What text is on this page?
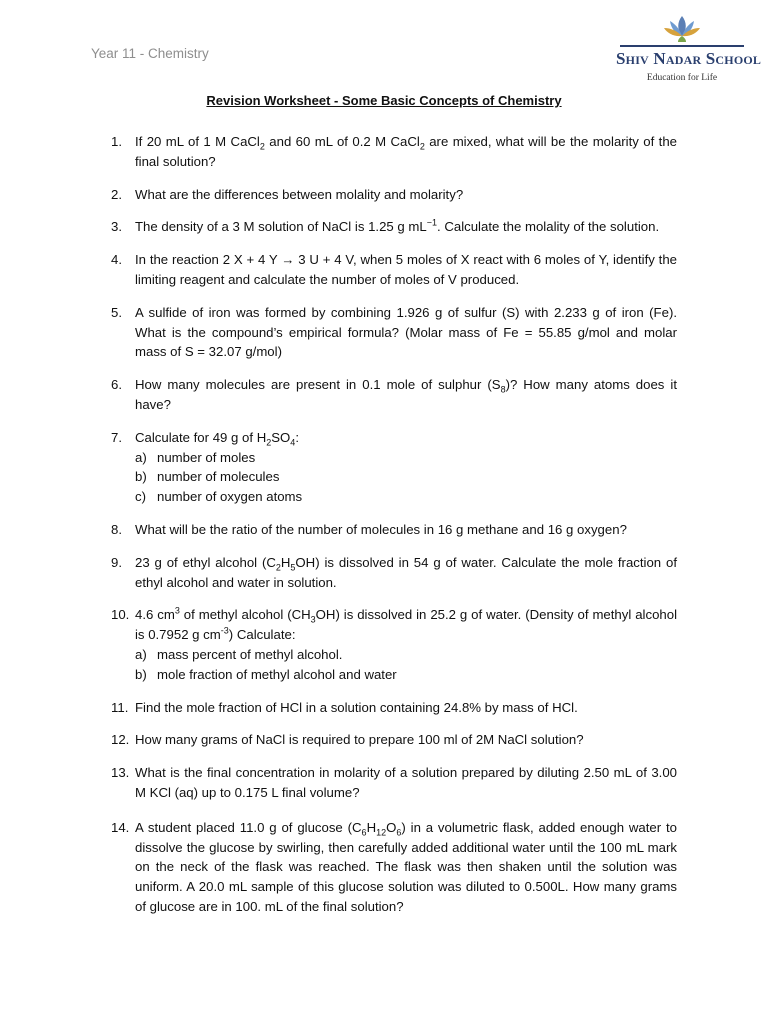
Year 11 - Chemistry	Shiv Nadar School
Education for Life
Revision Worksheet - Some Basic Concepts of Chemistry
1. If 20 mL of 1 M CaCl$_2$ and 60 mL of 0.2 M CaCl$_2$ are mixed, what will be the molarity of the final solution?
2. What are the differences between molality and molarity?
3. The density of a 3 M solution of NaCl is 1.25 g $mL^{-1}$. Calculate the molality of the solution.
4. In the reaction 2 X + 4 Y → 3 U + 4 V, when 5 moles of X react with 6 moles of Y, identify the limiting reagent and calculate the number of moles of V produced.
5. A sulfide of iron was formed by combining 1.926 g of sulfur (S) with 2.233 g of iron (Fe). What is the compound’s empirical formula? (Molar mass of Fe = 55.85 g/mol and molar mass of S = 32.07 g/mol)
6. How many molecules are present in 0.1 mole of sulphur $(S_8)$? How many atoms does it have?
7. Calculate for 49 g of $H_2SO_4$:
a) number of moles
b) number of molecules
c) number of oxygen atoms
8. What will be the ratio of the number of molecules in 16 g methane and 16 g oxygen?
9. 23 g of ethyl alcohol $(C_2H_5OH)$ is dissolved in 54 g of water. Calculate the mole fraction of ethyl alcohol and water in solution.
10. 4.6 $cm^3$ of methyl alcohol $(CH_3OH)$ is dissolved in 25.2 g of water. (Density of methyl alcohol is 0.7952 g $cm^{-3}$) Calculate:
a) mass percent of methyl alcohol.
b) mole fraction of methyl alcohol and water
11. Find the mole fraction of HCl in a solution containing 24.8% by mass of HCl.
12. How many grams of NaCl is required to prepare 100 ml of 2M NaCl solution?
13. What is the final concentration in molarity of a solution prepared by diluting 2.50 mL of 3.00 M KCl (aq) up to 0.175 L final volume?
14. A student placed 11.0 g of glucose $(C_6H_{12}O_6)$ in a volumetric flask, added enough water to dissolve the glucose by swirling, then carefully added additional water until the 100 mL mark on the neck of the flask was reached. The flask was then shaken until the solution was uniform. A 20.0 mL sample of this glucose solution was diluted to 0.500L. How many grams of glucose are in 100. mL of the final solution?
